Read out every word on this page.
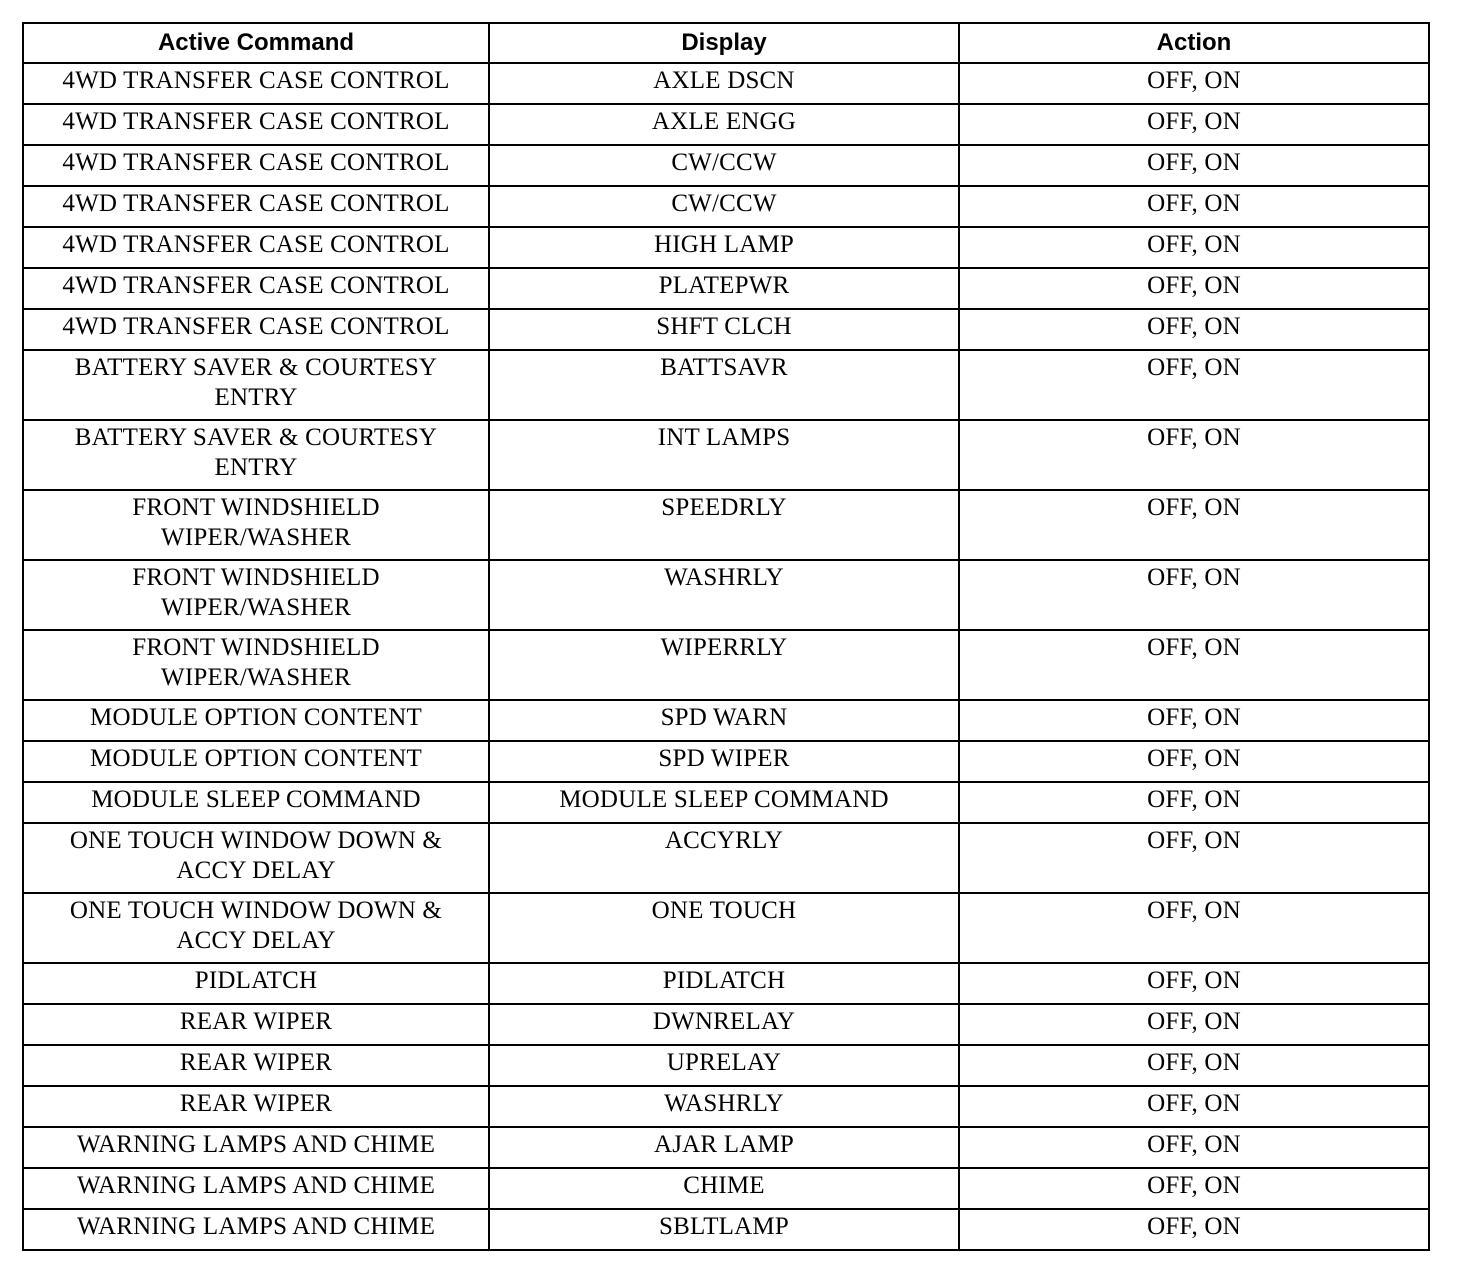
Active Command	Display	Action

4WD TRANSFER CASE CONTROL	AXLE DSCN	OFF, ON

4WD TRANSFER CASE CONTROL	AXLE ENGG	OFF, ON

4WD TRANSFER CASE CONTROL	CW/CCW	OFF, ON

4WD TRANSFER CASE CONTROL	CW/CCW	OFF, ON

4WD TRANSFER CASE CONTROL	HIGH LAMP	OFF, ON

4WD TRANSFER CASE CONTROL	PLATEPWR	OFF, ON

4WD TRANSFER CASE CONTROL	SHFT CLCH	OFF, ON

BATTERY SAVER & COURTESY
ENTRY	BATTSAVR	OFF, ON

BATTERY SAVER & COURTESY
ENTRY	INT LAMPS	OFF, ON

FRONT WINDSHIELD
WIPER/WASHER	SPEEDRLY	OFF, ON

FRONT WINDSHIELD
WIPER/WASHER	WASHRLY	OFF, ON

FRONT WINDSHIELD
WIPER/WASHER	WIPERRLY	OFF, ON

MODULE OPTION CONTENT	SPD WARN	OFF, ON

MODULE OPTION CONTENT	SPD WIPER	OFF, ON

MODULE SLEEP COMMAND	MODULE SLEEP COMMAND	OFF, ON

ONE TOUCH WINDOW DOWN &
ACCY DELAY	ACCYRLY	OFF, ON

ONE TOUCH WINDOW DOWN &
ACCY DELAY	ONE TOUCH	OFF, ON

PIDLATCH	PIDLATCH	OFF, ON

REAR WIPER	DWNRELAY	OFF, ON

REAR WIPER	UPRELAY	OFF, ON

REAR WIPER	WASHRLY	OFF, ON

WARNING LAMPS AND CHIME	AJAR LAMP	OFF, ON

WARNING LAMPS AND CHIME	CHIME	OFF, ON

WARNING LAMPS AND CHIME	SBLTLAMP	OFF, ON
